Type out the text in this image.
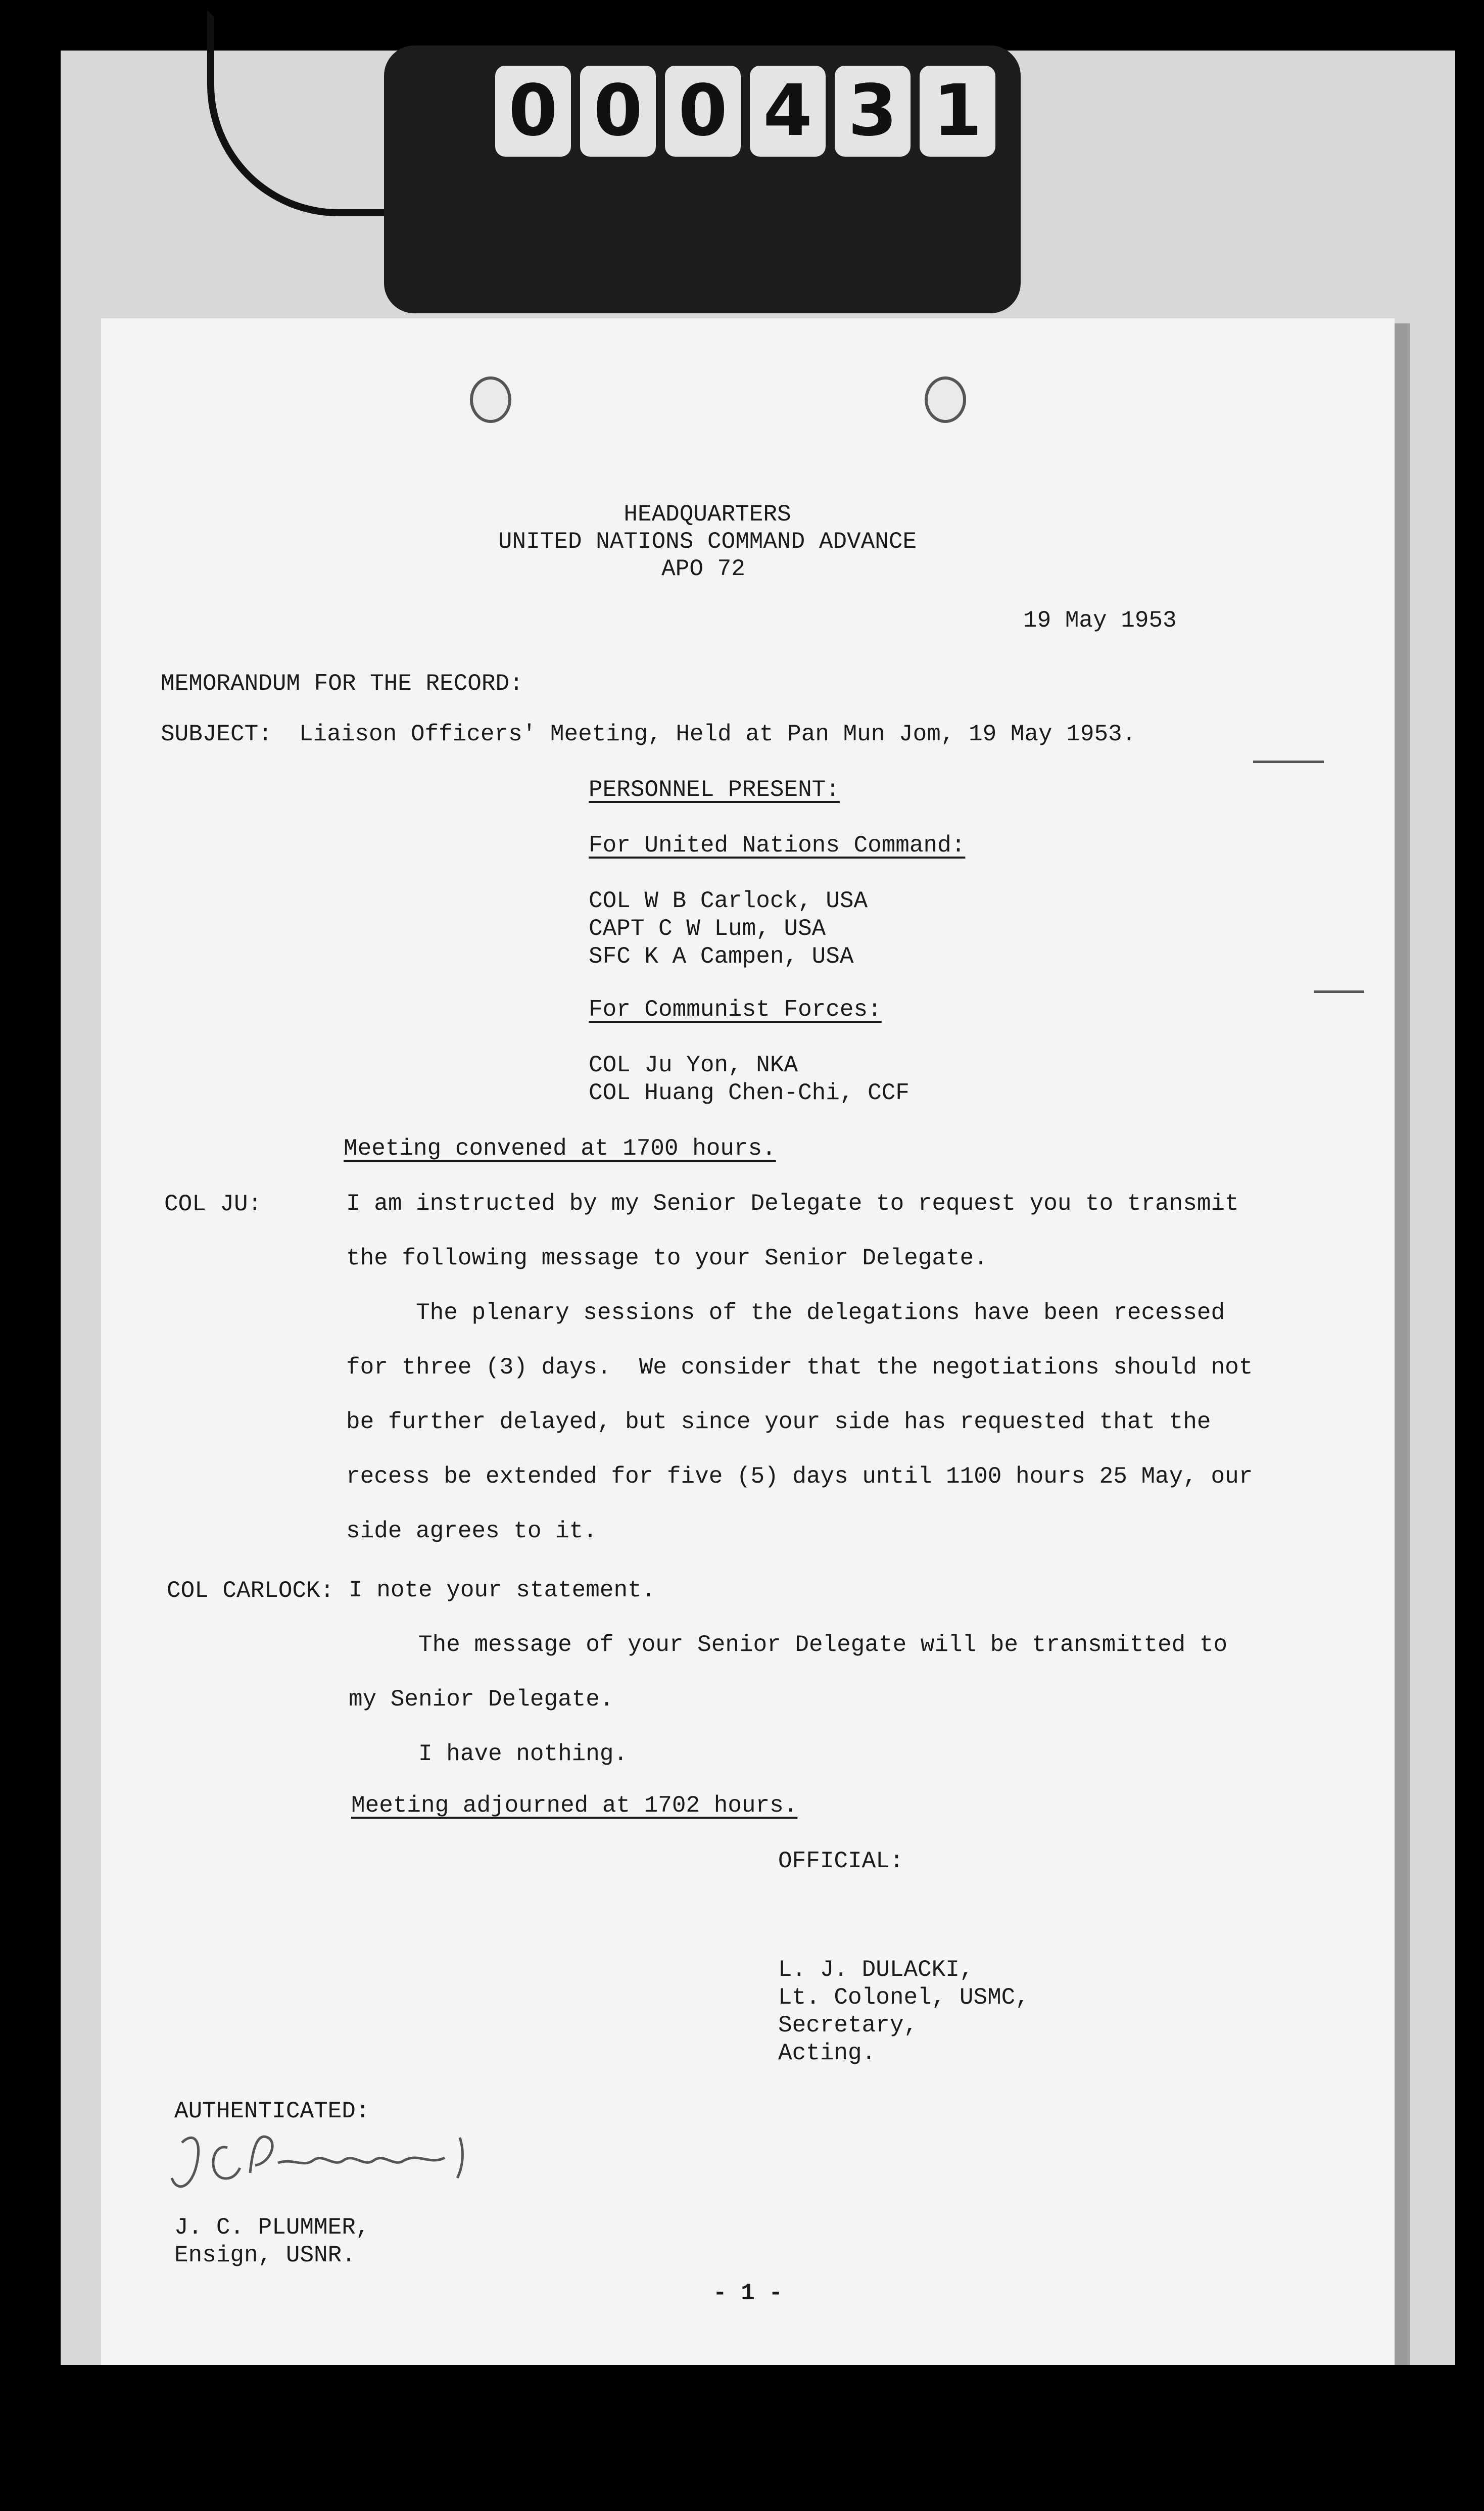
0 0 0 4 3 1
HEADQUARTERS
UNITED NATIONS COMMAND ADVANCE
APO 72
19 May 1953
MEMORANDUM FOR THE RECORD:
SUBJECT: Liaison Officers' Meeting, Held at Pan Mun Jom, 19 May 1953.
PERSONNEL PRESENT:
For United Nations Command:
COL W B Carlock, USA
CAPT C W Lum, USA
SFC K A Campen, USA
For Communist Forces:
COL Ju Yon, NKA
COL Huang Chen-Chi, CCF
Meeting convened at 1700 hours.
COL JU:	I am instructed by my Senior Delegate to request you to transmit
the following message to your Senior Delegate.
The plenary sessions of the delegations have been recessed
for three (3) days.  We consider that the negotiations should not
be further delayed, but since your side has requested that the
recess be extended for five (5) days until 1100 hours 25 May, our
side agrees to it.
COL CARLOCK: I note your statement.
The message of your Senior Delegate will be transmitted to
my Senior Delegate.
I have nothing.
Meeting adjourned at 1702 hours.
OFFICIAL:
L. J. DULACKI,
Lt. Colonel, USMC,
Secretary,
Acting.
AUTHENTICATED:
J. C. PLUMMER,
Ensign, USNR.
- 1 -
